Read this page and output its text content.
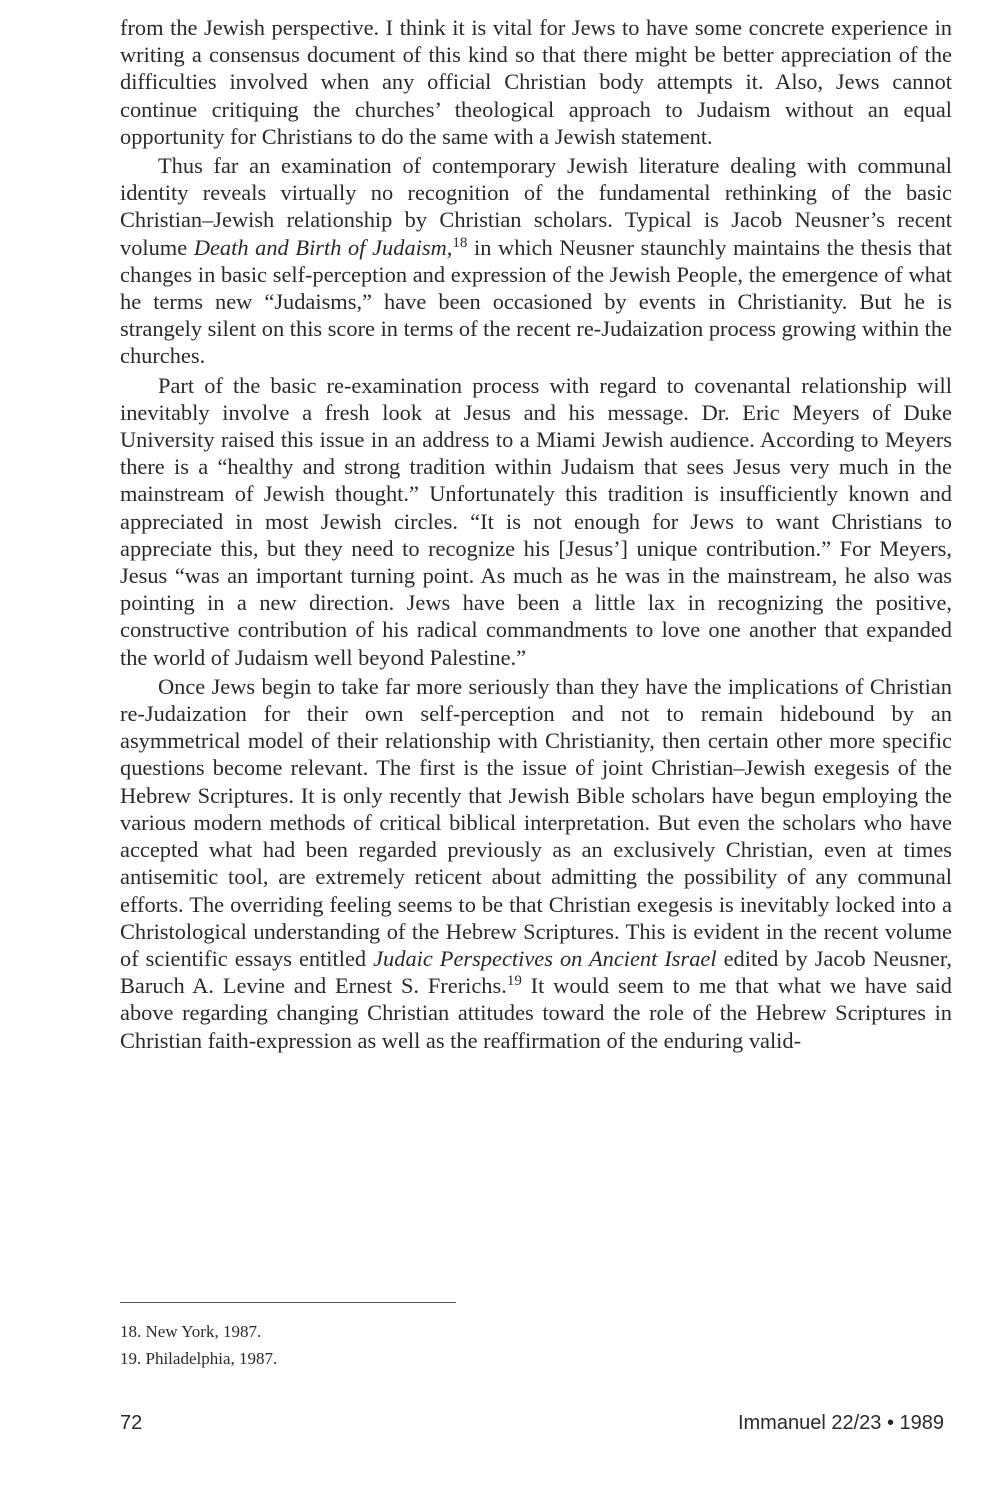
from the Jewish perspective. I think it is vital for Jews to have some concrete experience in writing a consensus document of this kind so that there might be better appreciation of the difficulties involved when any official Christian body attempts it. Also, Jews cannot continue critiquing the churches’ theological approach to Judaism without an equal opportunity for Christians to do the same with a Jewish statement.

Thus far an examination of contemporary Jewish literature dealing with communal identity reveals virtually no recognition of the fundamental rethinking of the basic Christian–Jewish relationship by Christian scholars. Typical is Jacob Neusner’s recent volume Death and Birth of Judaism,$^{18}$ in which Neusner staunchly maintains the thesis that changes in basic self-perception and expression of the Jewish People, the emergence of what he terms new “Judaisms,” have been occasioned by events in Christianity. But he is strangely silent on this score in terms of the recent re-Judaization process growing within the churches.

Part of the basic re-examination process with regard to covenantal relationship will inevitably involve a fresh look at Jesus and his message. Dr. Eric Meyers of Duke University raised this issue in an address to a Miami Jewish audience. According to Meyers there is a “healthy and strong tradition within Judaism that sees Jesus very much in the mainstream of Jewish thought.” Unfortunately this tradition is insufficiently known and appreciated in most Jewish circles. “It is not enough for Jews to want Christians to appreciate this, but they need to recognize his [Jesus’] unique contribution.” For Meyers, Jesus “was an important turning point. As much as he was in the mainstream, he also was pointing in a new direction. Jews have been a little lax in recognizing the positive, constructive contribution of his radical commandments to love one another that expanded the world of Judaism well beyond Palestine.”

Once Jews begin to take far more seriously than they have the implications of Christian re-Judaization for their own self-perception and not to remain hidebound by an asymmetrical model of their relationship with Christianity, then certain other more specific questions become relevant. The first is the issue of joint Christian–Jewish exegesis of the Hebrew Scriptures. It is only recently that Jewish Bible scholars have begun employing the various modern methods of critical biblical interpretation. But even the scholars who have accepted what had been regarded previously as an exclusively Christian, even at times antisemitic tool, are extremely reticent about admitting the possibility of any communal efforts. The overriding feeling seems to be that Christian exegesis is inevitably locked into a Christological understanding of the Hebrew Scriptures. This is evident in the recent volume of scientific essays entitled Judaic Perspectives on Ancient Israel edited by Jacob Neusner, Baruch A. Levine and Ernest S. Frerichs.$^{19}$ It would seem to me that what we have said above regarding changing Christian attitudes toward the role of the Hebrew Scriptures in Christian faith-expression as well as the reaffirmation of the enduring valid-

18. New York, 1987.

19. Philadelphia, 1987.

72	Immanuel 22/23 • 1989
